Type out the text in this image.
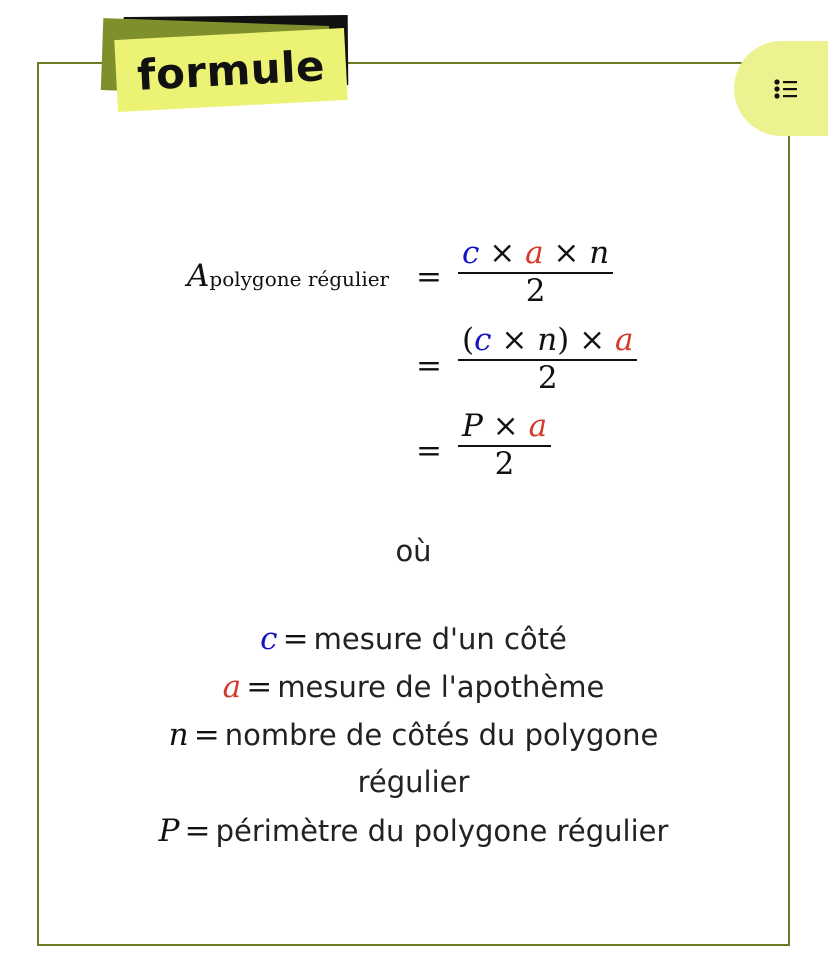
formule
Apolygone régulier =
c × a × n
2
=
(c × n) × a
2
=
P × a
2
où
c = mesure d'un côté
a = mesure de l'apothème
n = nombre de côtés du polygone
régulier
P = périmètre du polygone régulier
